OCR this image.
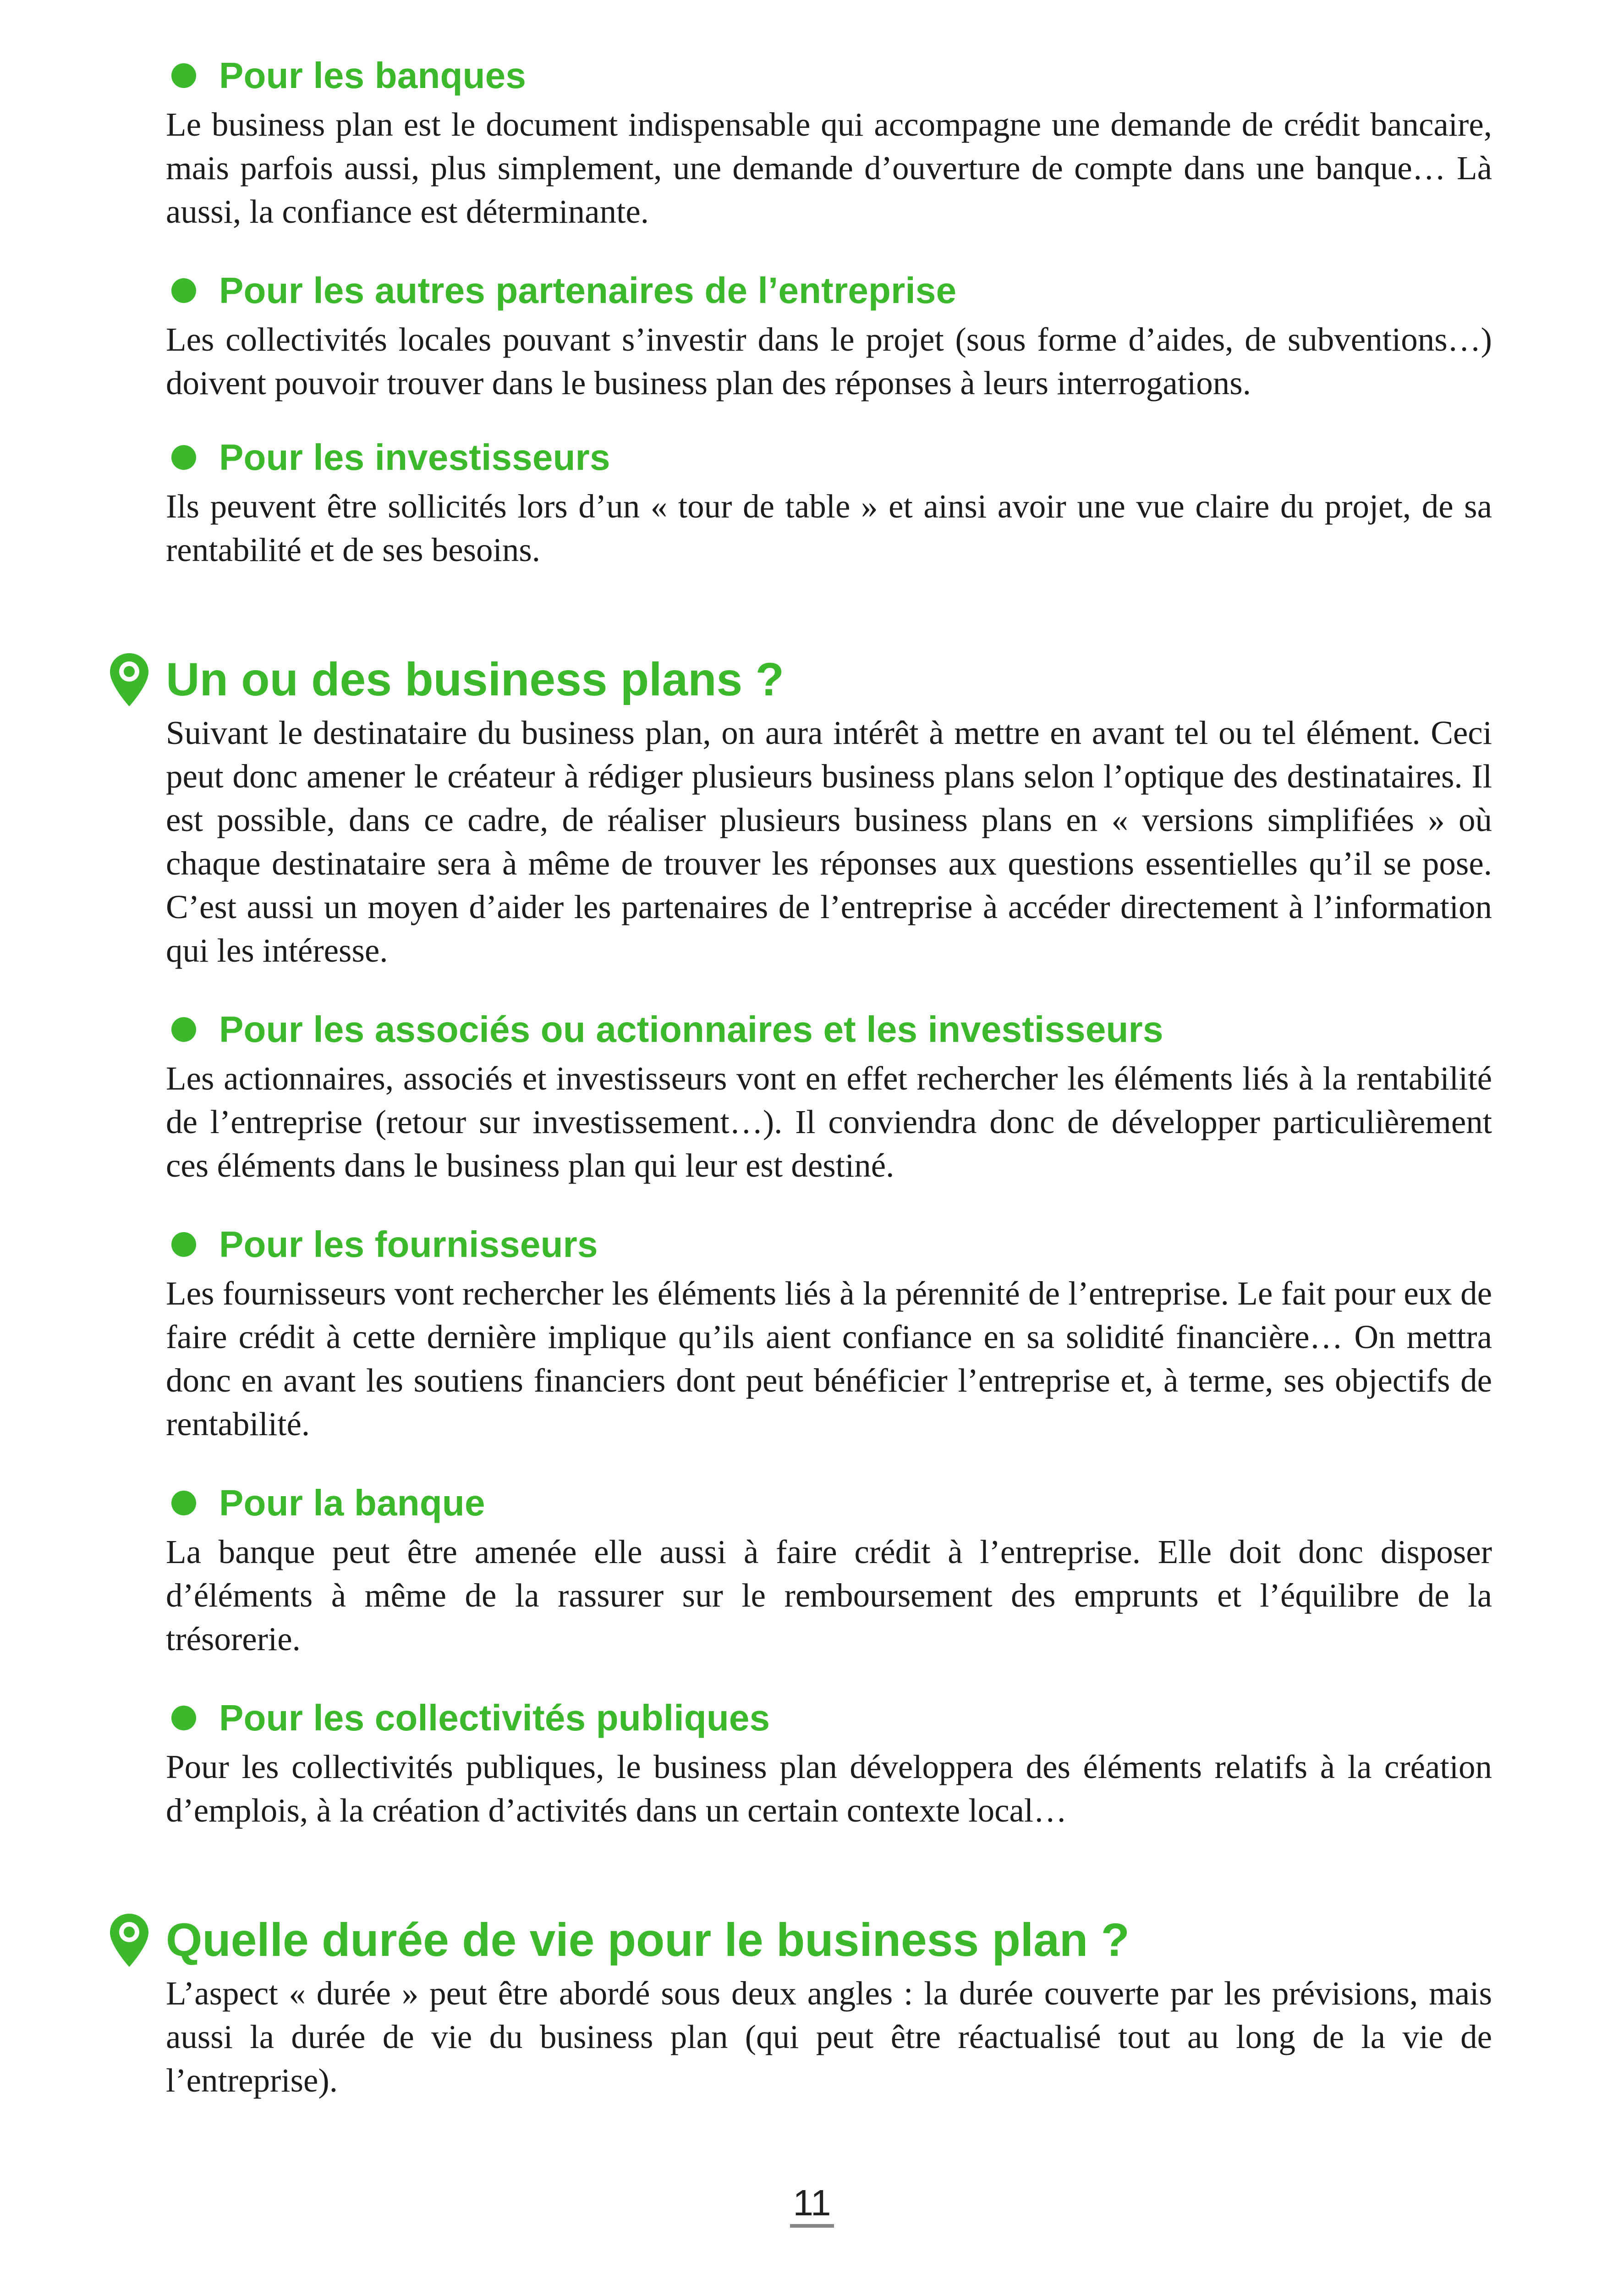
Pour les banques

Le business plan est le document indispensable qui accompagne une demande de crédit bancaire, mais parfois aussi, plus simplement, une demande d’ouverture de compte dans une banque… Là aussi, la confiance est déterminante.

Pour les autres partenaires de l’entreprise

Les collectivités locales pouvant s’investir dans le projet (sous forme d’aides, de subventions…) doivent pouvoir trouver dans le business plan des réponses à leurs interrogations.

Pour les investisseurs

Ils peuvent être sollicités lors d’un « tour de table » et ainsi avoir une vue claire du projet, de sa rentabilité et de ses besoins.

Un ou des business plans ?

Suivant le destinataire du business plan, on aura intérêt à mettre en avant tel ou tel élément. Ceci peut donc amener le créateur à rédiger plusieurs business plans selon l’optique des destinataires. Il est possible, dans ce cadre, de réaliser plusieurs business plans en « versions simplifiées » où chaque destinataire sera à même de trouver les réponses aux questions essentielles qu’il se pose. C’est aussi un moyen d’aider les partenaires de l’entreprise à accéder directement à l’information qui les intéresse.

Pour les associés ou actionnaires et les investisseurs

Les actionnaires, associés et investisseurs vont en effet rechercher les éléments liés à la rentabilité de l’entreprise (retour sur investissement…). Il conviendra donc de développer particulièrement ces éléments dans le business plan qui leur est destiné.

Pour les fournisseurs

Les fournisseurs vont rechercher les éléments liés à la pérennité de l’entreprise. Le fait pour eux de faire crédit à cette dernière implique qu’ils aient confiance en sa solidité financière… On mettra donc en avant les soutiens financiers dont peut bénéficier l’entreprise et, à terme, ses objectifs de rentabilité.

Pour la banque

La banque peut être amenée elle aussi à faire crédit à l’entreprise. Elle doit donc disposer d’éléments à même de la rassurer sur le remboursement des emprunts et l’équilibre de la trésorerie.

Pour les collectivités publiques

Pour les collectivités publiques, le business plan développera des éléments relatifs à la création d’emplois, à la création d’activités dans un certain contexte local…

Quelle durée de vie pour le business plan ?

L’aspect « durée » peut être abordé sous deux angles : la durée couverte par les prévisions, mais aussi la durée de vie du business plan (qui peut être réactualisé tout au long de la vie de l’entreprise).

11
